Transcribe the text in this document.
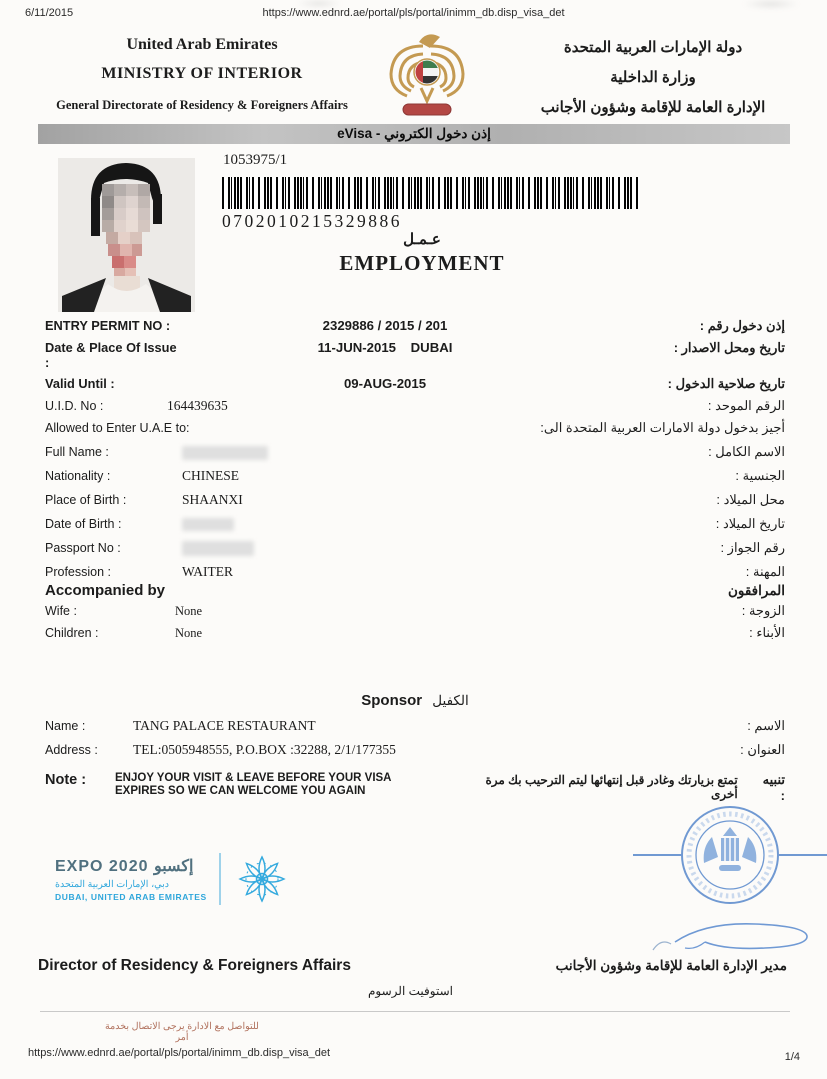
6/11/2015	https://www.ednrd.ae/portal/pls/portal/inimm_db.disp_visa_det
United Arab Emirates
MINISTRY OF INTERIOR
General Directorate of Residency & Foreigners Affairs
دولة الإمارات العربية المتحدة
وزارة الداخلية
الإدارة العامة للإقامة وشؤون الأجانب
eVisa - إذن دخول الكتروني
1053975/1
0702010215329886
عـمـل
EMPLOYMENT
ENTRY PERMIT NO :	2329886 / 2015 / 201	إذن دخول رقم :
Date & Place Of Issue :
11-JUN-2015    DUBAI	تاريخ ومحل الاصدار :
Valid Until :	09-AUG-2015	تاريخ صلاحية الدخول :
U.I.D. No :	164439635	الرقم الموحد :
Allowed to Enter U.A.E to:	أجيز بدخول دولة الامارات العربية المتحدة الى:
Full Name :	الاسم الكامل :
Nationality :	CHINESE	الجنسية :
Place of Birth :	SHAANXI	محل الميلاد :
Date of Birth :	تاريخ الميلاد :
Passport No :	رقم الجواز :
Profession :	WAITER	المهنة :
Accompanied by	المرافقون
Wife :	None	الزوجة :
Children :	None	الأبناء :
Sponsor الكفيل
Name :	TANG PALACE RESTAURANT	الاسم :
Address :	TEL:0505948555, P.O.BOX :32288, 2/1/177355	العنوان :
Note :	ENJOY YOUR VISIT & LEAVE BEFORE YOUR VISA
EXPIRES SO WE CAN WELCOME YOU AGAIN
تنبيه :
تمتع بزيارتك وغادر قبل إنتهائها ليتم الترحيب بك مرة أخرى
EXPO 2020 إكسبو
دبي، الإمارات العربية المتحدة
DUBAI, UNITED ARAB EMIRATES
Director of Residency & Foreigners Affairs	مدير الإدارة العامة للإقامة وشؤون الأجانب
استوفيت الرسوم
للتواصل مع الادارة يرجى الاتصال بخدمة أمر
https://www.ednrd.ae/portal/pls/portal/inimm_db.disp_visa_det	1/4
